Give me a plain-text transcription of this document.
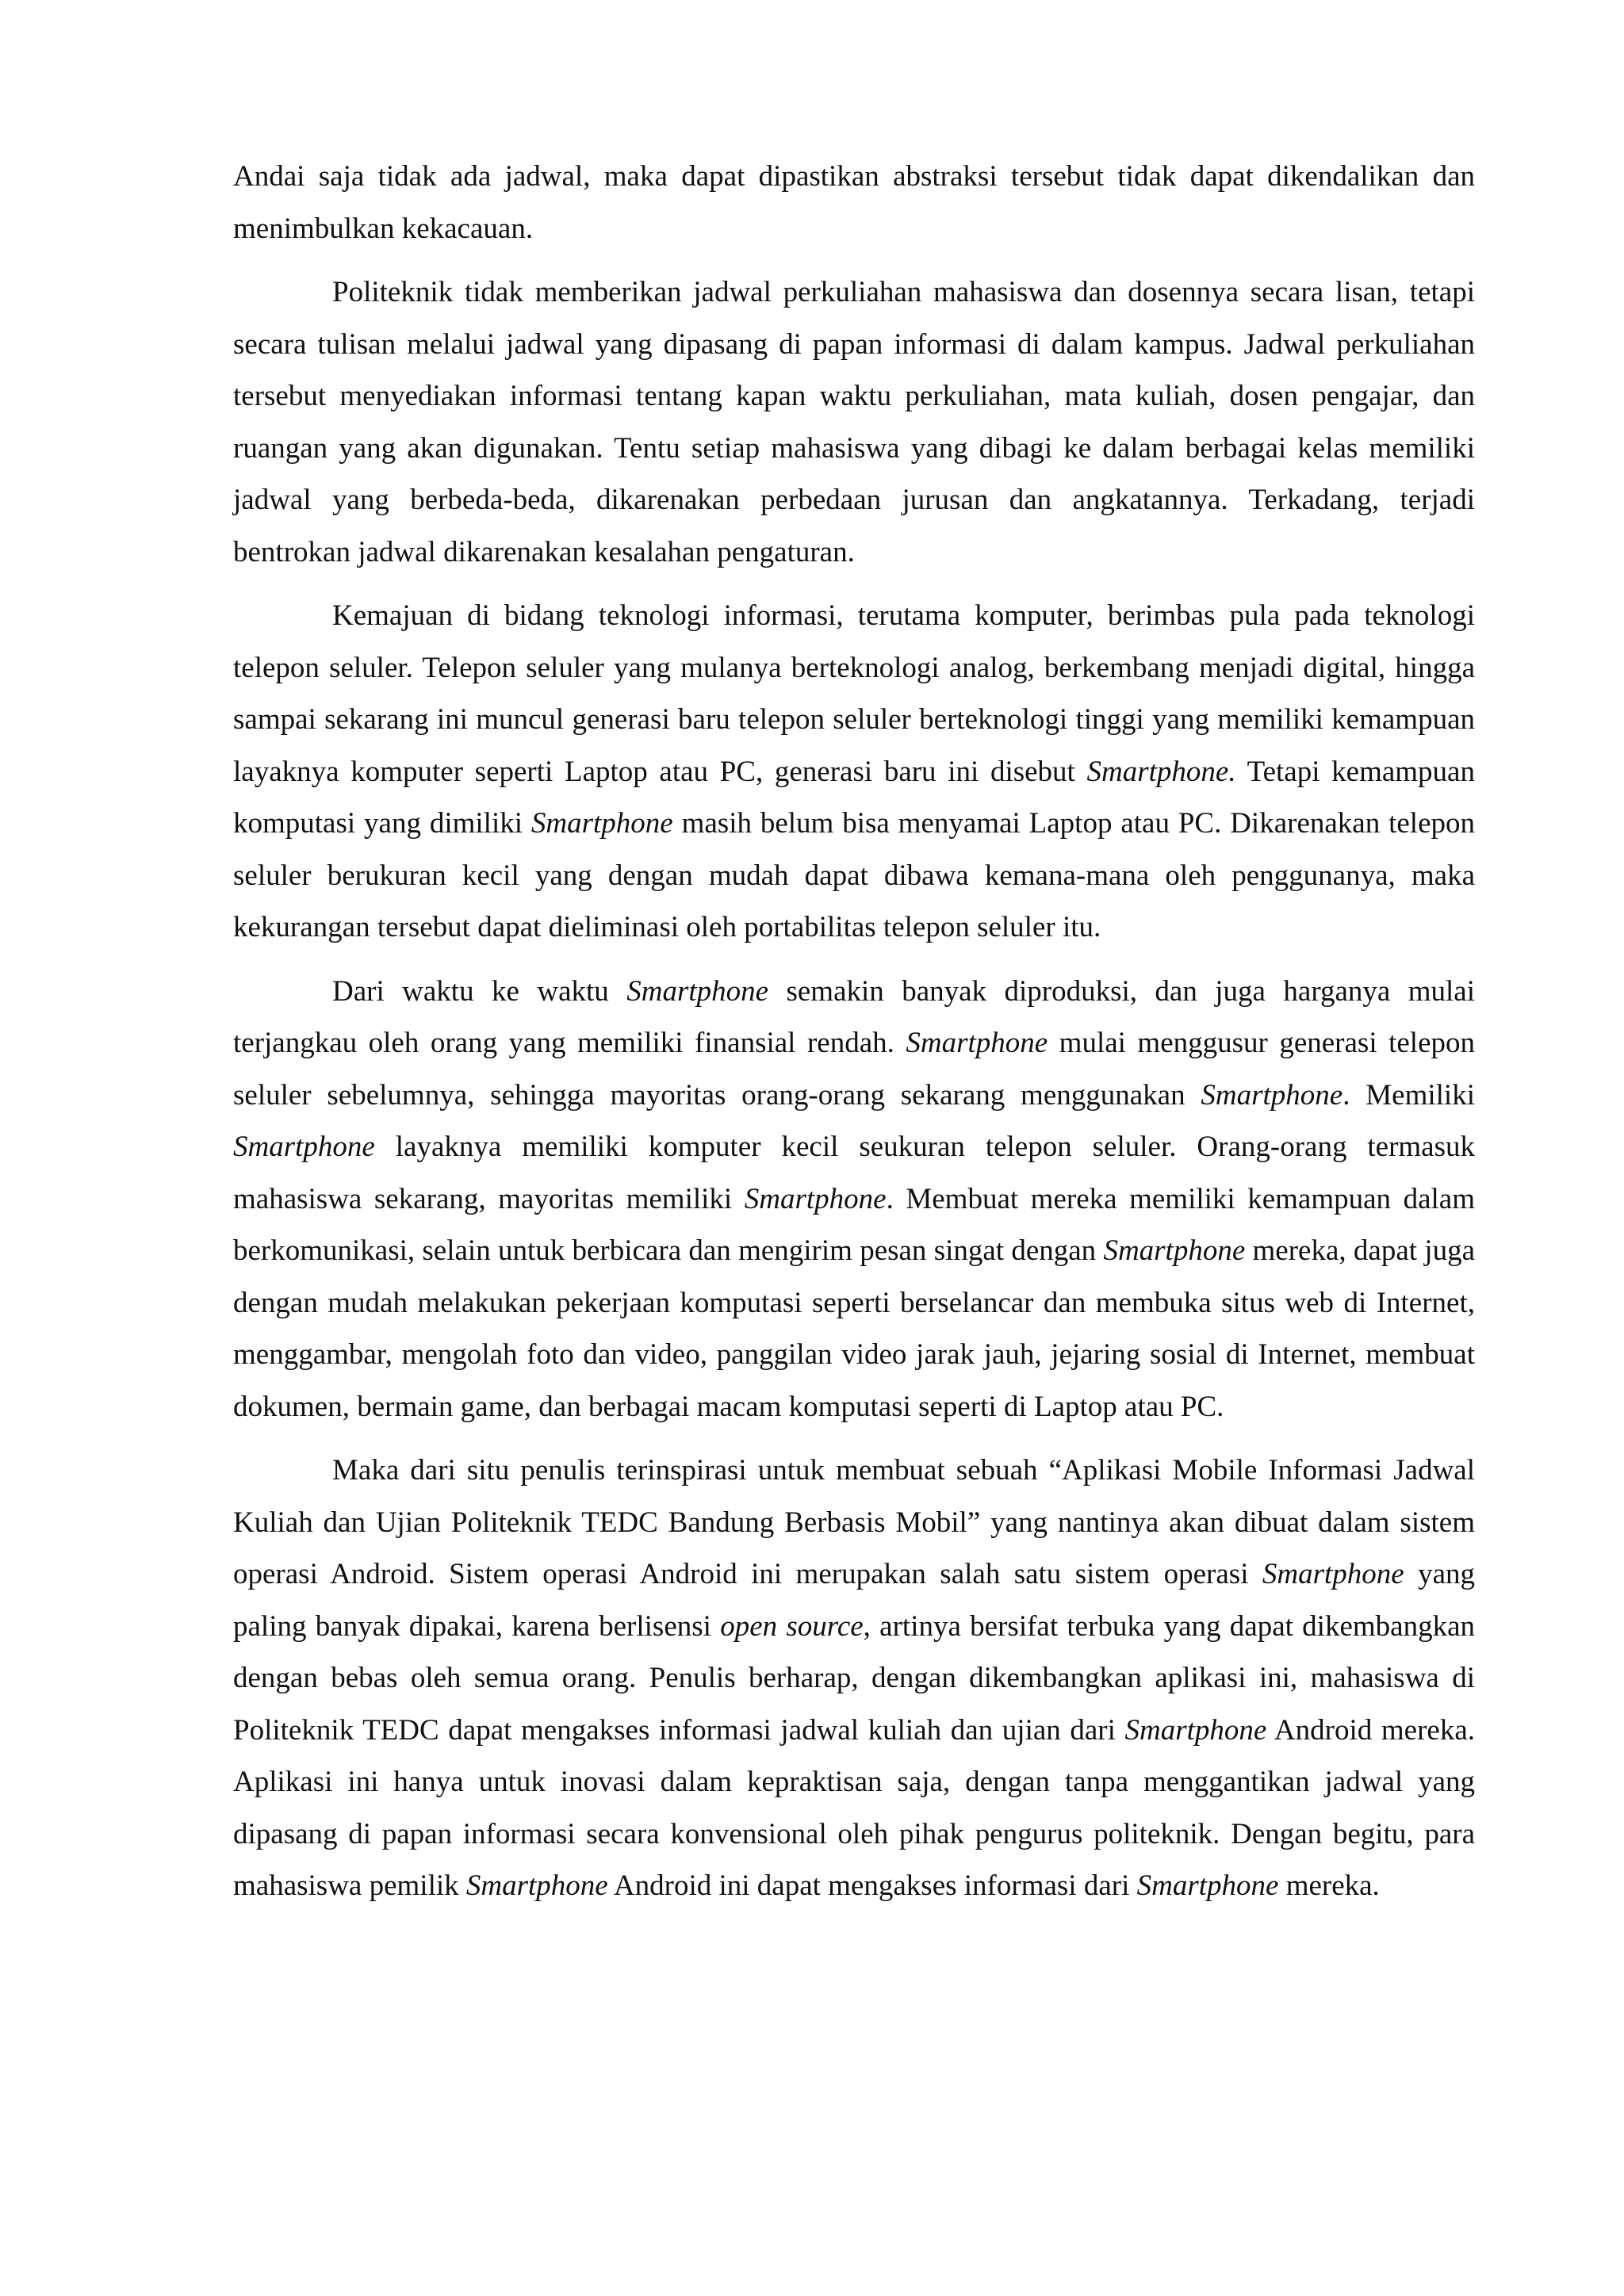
Andai saja tidak ada jadwal, maka dapat dipastikan abstraksi tersebut tidak dapat dikendalikan dan menimbulkan kekacauan.

Politeknik tidak memberikan jadwal perkuliahan mahasiswa dan dosennya secara lisan, tetapi secara tulisan melalui jadwal yang dipasang di papan informasi di dalam kampus. Jadwal perkuliahan tersebut menyediakan informasi tentang kapan waktu perkuliahan, mata kuliah, dosen pengajar, dan ruangan yang akan digunakan. Tentu setiap mahasiswa yang dibagi ke dalam berbagai kelas memiliki jadwal yang berbeda-beda, dikarenakan perbedaan jurusan dan angkatannya. Terkadang, terjadi bentrokan jadwal dikarenakan kesalahan pengaturan.

Kemajuan di bidang teknologi informasi, terutama komputer, berimbas pula pada teknologi telepon seluler. Telepon seluler yang mulanya berteknologi analog, berkembang menjadi digital, hingga sampai sekarang ini muncul generasi baru telepon seluler berteknologi tinggi yang memiliki kemampuan layaknya komputer seperti Laptop atau PC, generasi baru ini disebut Smartphone. Tetapi kemampuan komputasi yang dimiliki Smartphone masih belum bisa menyamai Laptop atau PC. Dikarenakan telepon seluler berukuran kecil yang dengan mudah dapat dibawa kemana-mana oleh penggunanya, maka kekurangan tersebut dapat dieliminasi oleh portabilitas telepon seluler itu.

Dari waktu ke waktu Smartphone semakin banyak diproduksi, dan juga harganya mulai terjangkau oleh orang yang memiliki finansial rendah. Smartphone mulai menggusur generasi telepon seluler sebelumnya, sehingga mayoritas orang-orang sekarang menggunakan Smartphone. Memiliki Smartphone layaknya memiliki komputer kecil seukuran telepon seluler. Orang-orang termasuk mahasiswa sekarang, mayoritas memiliki Smartphone. Membuat mereka memiliki kemampuan dalam berkomunikasi, selain untuk berbicara dan mengirim pesan singat dengan Smartphone mereka, dapat juga dengan mudah melakukan pekerjaan komputasi seperti berselancar dan membuka situs web di Internet, menggambar, mengolah foto dan video, panggilan video jarak jauh, jejaring sosial di Internet, membuat dokumen, bermain game, dan berbagai macam komputasi seperti di Laptop atau PC.

Maka dari situ penulis terinspirasi untuk membuat sebuah “Aplikasi Mobile Informasi Jadwal Kuliah dan Ujian Politeknik TEDC Bandung Berbasis Mobil” yang nantinya akan dibuat dalam sistem operasi Android. Sistem operasi Android ini merupakan salah satu sistem operasi Smartphone yang paling banyak dipakai, karena berlisensi open source, artinya bersifat terbuka yang dapat dikembangkan dengan bebas oleh semua orang. Penulis berharap, dengan dikembangkan aplikasi ini, mahasiswa di Politeknik TEDC dapat mengakses informasi jadwal kuliah dan ujian dari Smartphone Android mereka. Aplikasi ini hanya untuk inovasi dalam kepraktisan saja, dengan tanpa menggantikan jadwal yang dipasang di papan informasi secara konvensional oleh pihak pengurus politeknik. Dengan begitu, para mahasiswa pemilik Smartphone Android ini dapat mengakses informasi dari Smartphone mereka.
